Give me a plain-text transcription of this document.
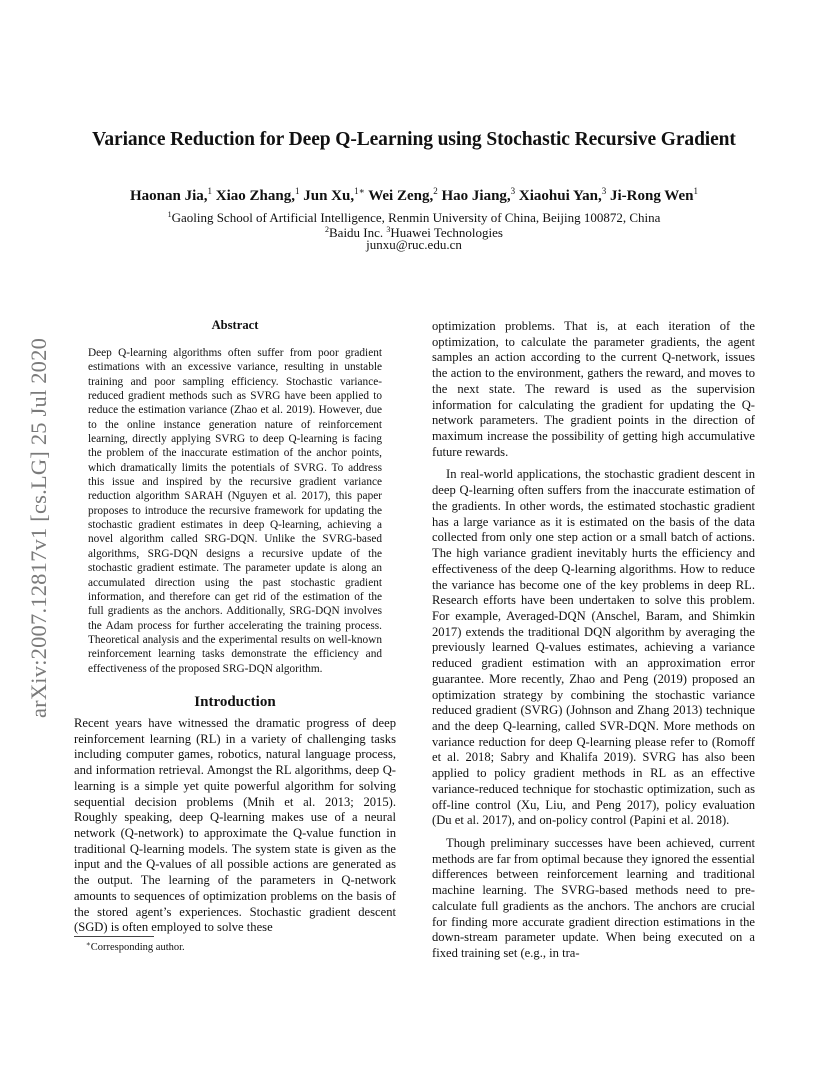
arXiv:2007.12817v1 [cs.LG] 25 Jul 2020
Variance Reduction for Deep Q-Learning using Stochastic Recursive Gradient
Haonan Jia,$^1$ Xiao Zhang,$^1$ Jun Xu,$^{1∗}$ Wei Zeng,$^2$ Hao Jiang,$^3$ Xiaohui Yan,$^3$ Ji-Rong Wen$^1$
$^1$Gaoling School of Artificial Intelligence, Renmin University of China, Beijing 100872, China
$^2$Baidu Inc. $^3$Huawei Technologies
junxu@ruc.edu.cn
Abstract
Deep Q-learning algorithms often suffer from poor gradient estimations with an excessive variance, resulting in unstable training and poor sampling efficiency. Stochastic variance-reduced gradient methods such as SVRG have been applied to reduce the estimation variance (Zhao et al. 2019). However, due to the online instance generation nature of reinforcement learning, directly applying SVRG to deep Q-learning is facing the problem of the inaccurate estimation of the anchor points, which dramatically limits the potentials of SVRG. To address this issue and inspired by the recursive gradient variance reduction algorithm SARAH (Nguyen et al. 2017), this paper proposes to introduce the recursive framework for updating the stochastic gradient estimates in deep Q-learning, achieving a novel algorithm called SRG-DQN. Unlike the SVRG-based algorithms, SRG-DQN designs a recursive update of the stochastic gradient estimate. The parameter update is along an accumulated direction using the past stochastic gradient information, and therefore can get rid of the estimation of the full gradients as the anchors. Additionally, SRG-DQN involves the Adam process for further accelerating the training process. Theoretical analysis and the experimental results on well-known reinforcement learning tasks demonstrate the efficiency and effectiveness of the proposed SRG-DQN algorithm.
Introduction

Recent years have witnessed the dramatic progress of deep reinforcement learning (RL) in a variety of challenging tasks including computer games, robotics, natural language process, and information retrieval. Amongst the RL algorithms, deep Q-learning is a simple yet quite powerful algorithm for solving sequential decision problems (Mnih et al. 2013; 2015). Roughly speaking, deep Q-learning makes use of a neural network (Q-network) to approximate the Q-value function in traditional Q-learning models. The system state is given as the input and the Q-values of all possible actions are generated as the output. The learning of the parameters in Q-network amounts to sequences of optimization problems on the basis of the stored agent’s experiences. Stochastic gradient descent (SGD) is often employed to solve these

optimization problems. That is, at each iteration of the optimization, to calculate the parameter gradients, the agent samples an action according to the current Q-network, issues the action to the environment, gathers the reward, and moves to the next state. The reward is used as the supervision information for calculating the gradient for updating the Q-network parameters. The gradient points in the direction of maximum increase the possibility of getting high accumulative future rewards.

In real-world applications, the stochastic gradient descent in deep Q-learning often suffers from the inaccurate estimation of the gradients. In other words, the estimated stochastic gradient has a large variance as it is estimated on the basis of the data collected from only one step action or a small batch of actions. The high variance gradient inevitably hurts the efficiency and effectiveness of the deep Q-learning algorithms. How to reduce the variance has become one of the key problems in deep RL. Research efforts have been undertaken to solve this problem. For example, Averaged-DQN (Anschel, Baram, and Shimkin 2017) extends the traditional DQN algorithm by averaging the previously learned Q-values estimates, achieving a variance reduced gradient estimation with an approximation error guarantee. More recently, Zhao and Peng (2019) proposed an optimization strategy by combining the stochastic variance reduced gradient (SVRG) (Johnson and Zhang 2013) technique and the deep Q-learning, called SVR-DQN. More methods on variance reduction for deep Q-learning please refer to (Romoff et al. 2018; Sabry and Khalifa 2019). SVRG has also been applied to policy gradient methods in RL as an effective variance-reduced technique for stochastic optimization, such as off-line control (Xu, Liu, and Peng 2017), policy evaluation (Du et al. 2017), and on-policy control (Papini et al. 2018).

Though preliminary successes have been achieved, current methods are far from optimal because they ignored the essential differences between reinforcement learning and traditional machine learning. The SVRG-based methods need to pre-calculate full gradients as the anchors. The anchors are crucial for finding more accurate gradient direction estimations in the down-stream parameter update. When being executed on a fixed training set (e.g., in tra-

∗Corresponding author.
